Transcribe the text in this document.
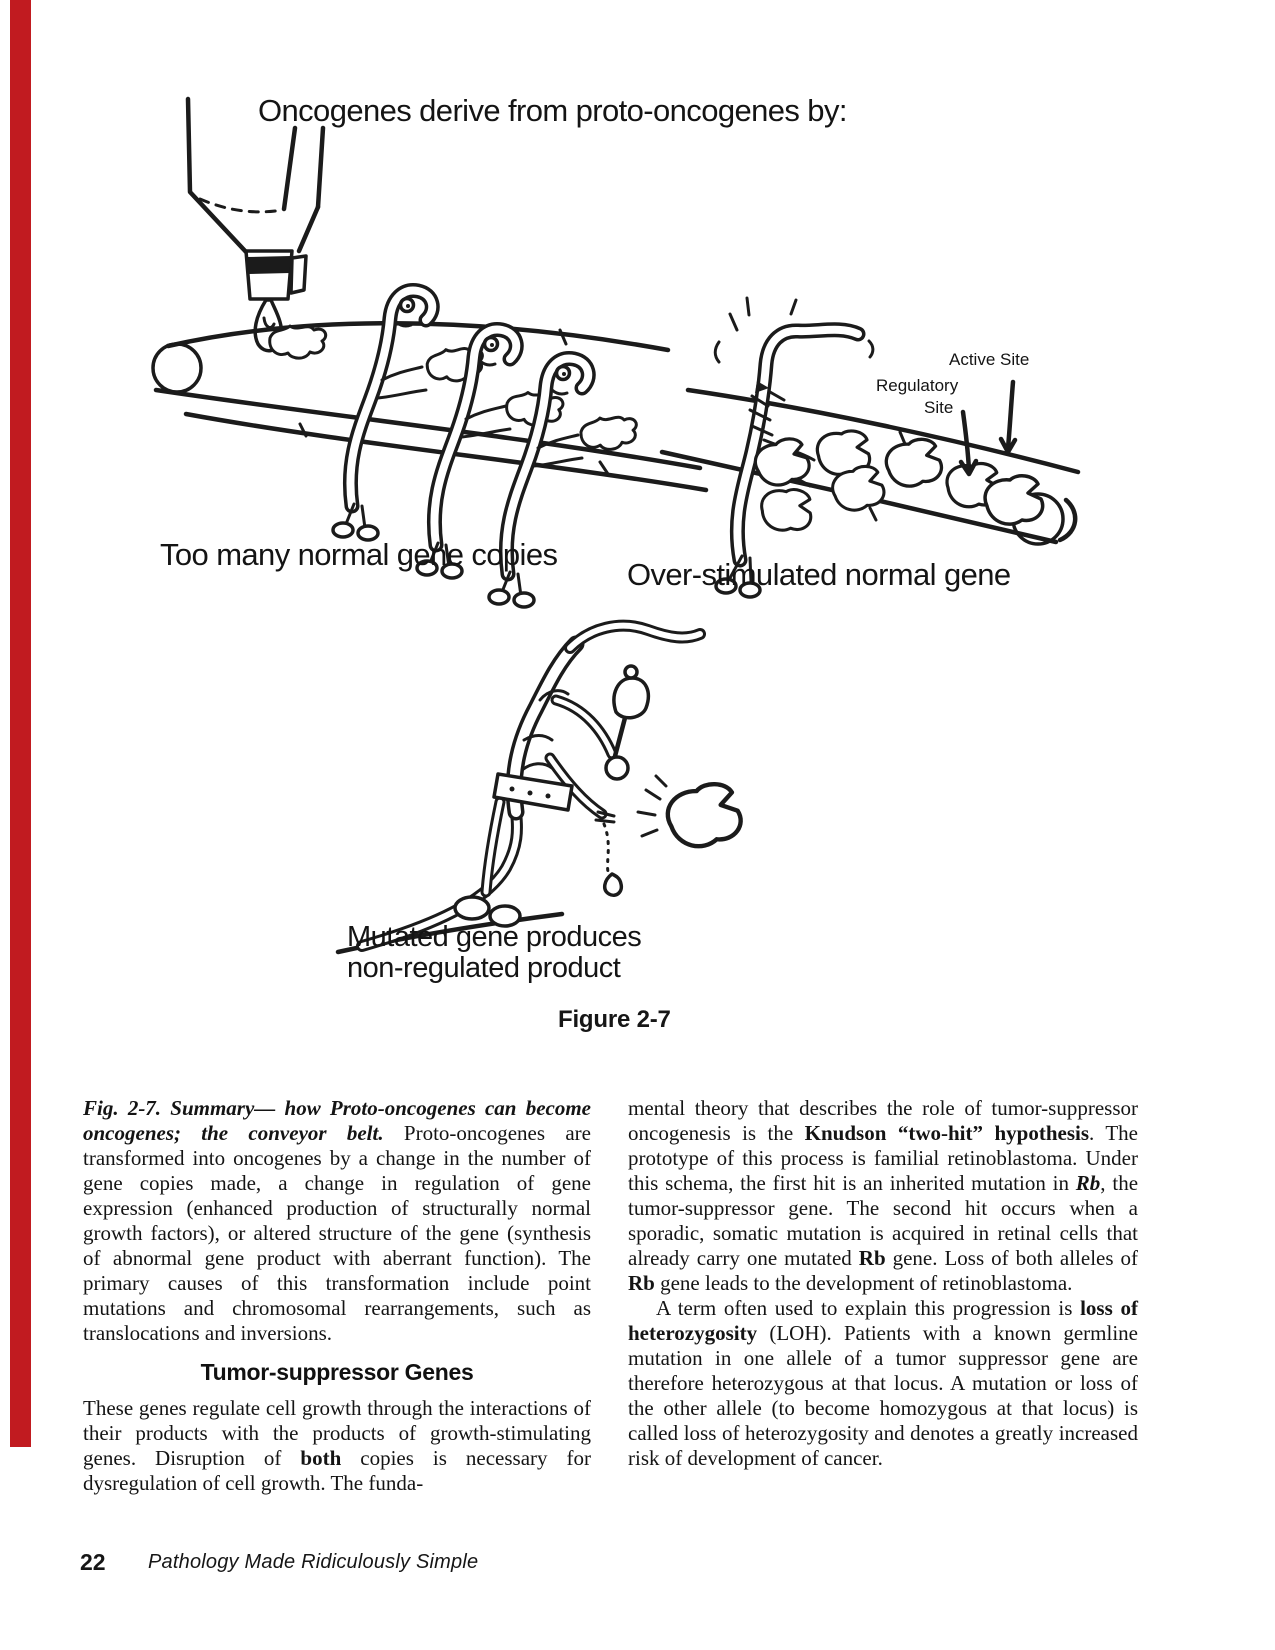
Oncogenes derive from proto-oncogenes by:
Too many normal gene copies
Over-stimulated normal gene
Active Site
Regulatory
Site
Mutated gene produces
non-regulated product
Figure 2-7

Fig. 2-7. Summary— how Proto-oncogenes can become oncogenes; the conveyor belt. Proto-oncogenes are transformed into oncogenes by a change in the number of gene copies made, a change in regulation of gene expression (enhanced production of structurally normal growth factors), or altered structure of the gene (synthesis of abnormal gene product with aberrant function). The primary causes of this transformation include point mutations and chromosomal rearrangements, such as translocations and inversions.

Tumor-suppressor Genes

These genes regulate cell growth through the interactions of their products with the products of growth-stimulating genes. Disruption of both copies is necessary for dysregulation of cell growth. The funda-

mental theory that describes the role of tumor-suppressor oncogenesis is the Knudson “two-hit” hypothesis. The prototype of this process is familial retinoblastoma. Under this schema, the first hit is an inherited mutation in Rb, the tumor-suppressor gene. The second hit occurs when a sporadic, somatic mutation is acquired in retinal cells that already carry one mutated Rb gene. Loss of both alleles of Rb gene leads to the development of retinoblastoma.

A term often used to explain this progression is loss of heterozygosity (LOH). Patients with a known germline mutation in one allele of a tumor suppressor gene are therefore heterozygous at that locus. A mutation or loss of the other allele (to become homozygous at that locus) is called loss of heterozygosity and denotes a greatly increased risk of development of cancer.

22 Pathology Made Ridiculously Simple
